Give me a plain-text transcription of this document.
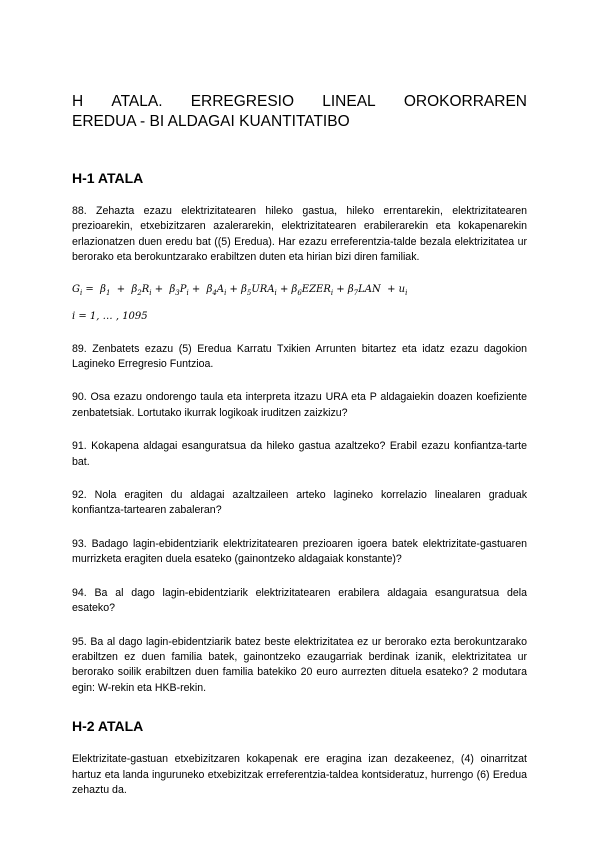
H ATALA. ERREGRESIO LINEAL OROKORRAREN
EREDUA - BI ALDAGAI KUANTITATIBO
H-1 ATALA

88. Zehazta ezazu elektrizitatearen hileko gastua, hileko errentarekin, elektrizitatearen prezioarekin, etxebizitzaren azalerarekin, elektrizitatearen erabilerarekin eta kokapenarekin erlazionatzen duen eredu bat ((5) Eredua). Har ezazu erreferentzia-talde bezala elektrizitatea ur berorako eta berokuntzarako erabiltzen duten eta hirian bizi diren familiak.

$G_i = \beta_1 + \beta_2R_i + \beta_3P_i + \beta_4A_i + \beta_5URA_i$ + $\beta_6EZER_i + \beta_7LAN + u_i$
i = 1, … , 1095

89. Zenbatets ezazu (5) Eredua Karratu Txikien Arrunten bitartez eta idatz ezazu dagokion Lagineko Erregresio Funtzioa.

90. Osa ezazu ondorengo taula eta interpreta itzazu URA eta P aldagaiekin doazen koefiziente zenbatetsiak. Lortutako ikurrak logikoak iruditzen zaizkizu?

91. Kokapena aldagai esanguratsua da hileko gastua azaltzeko? Erabil ezazu konfiantza-tarte bat.

92. Nola eragiten du aldagai azaltzaileen arteko lagineko korrelazio linealaren graduak konfiantza-tartearen zabaleran?

93. Badago lagin-ebidentziarik elektrizitatearen prezioaren igoera batek elektrizitate-gastuaren murrizketa eragiten duela esateko (gainontzeko aldagaiak konstante)?

94. Ba al dago lagin-ebidentziarik elektrizitatearen erabilera aldagaia esanguratsua dela esateko?

95. Ba al dago lagin-ebidentziarik batez beste elektrizitatea ez ur berorako ezta berokuntzarako erabiltzen ez duen familia batek, gainontzeko ezaugarriak berdinak izanik, elektrizitatea ur berorako soilik erabiltzen duen familia batekiko 20 euro aurrezten dituela esateko? 2 modutara egin: W-rekin eta HKB-rekin.

H-2 ATALA

Elektrizitate-gastuan etxebizitzaren kokapenak ere eragina izan dezakeenez, (4) oinarritzat hartuz eta landa inguruneko etxebizitzak erreferentzia-taldea kontsideratuz, hurrengo (6) Eredua zehaztu da.
